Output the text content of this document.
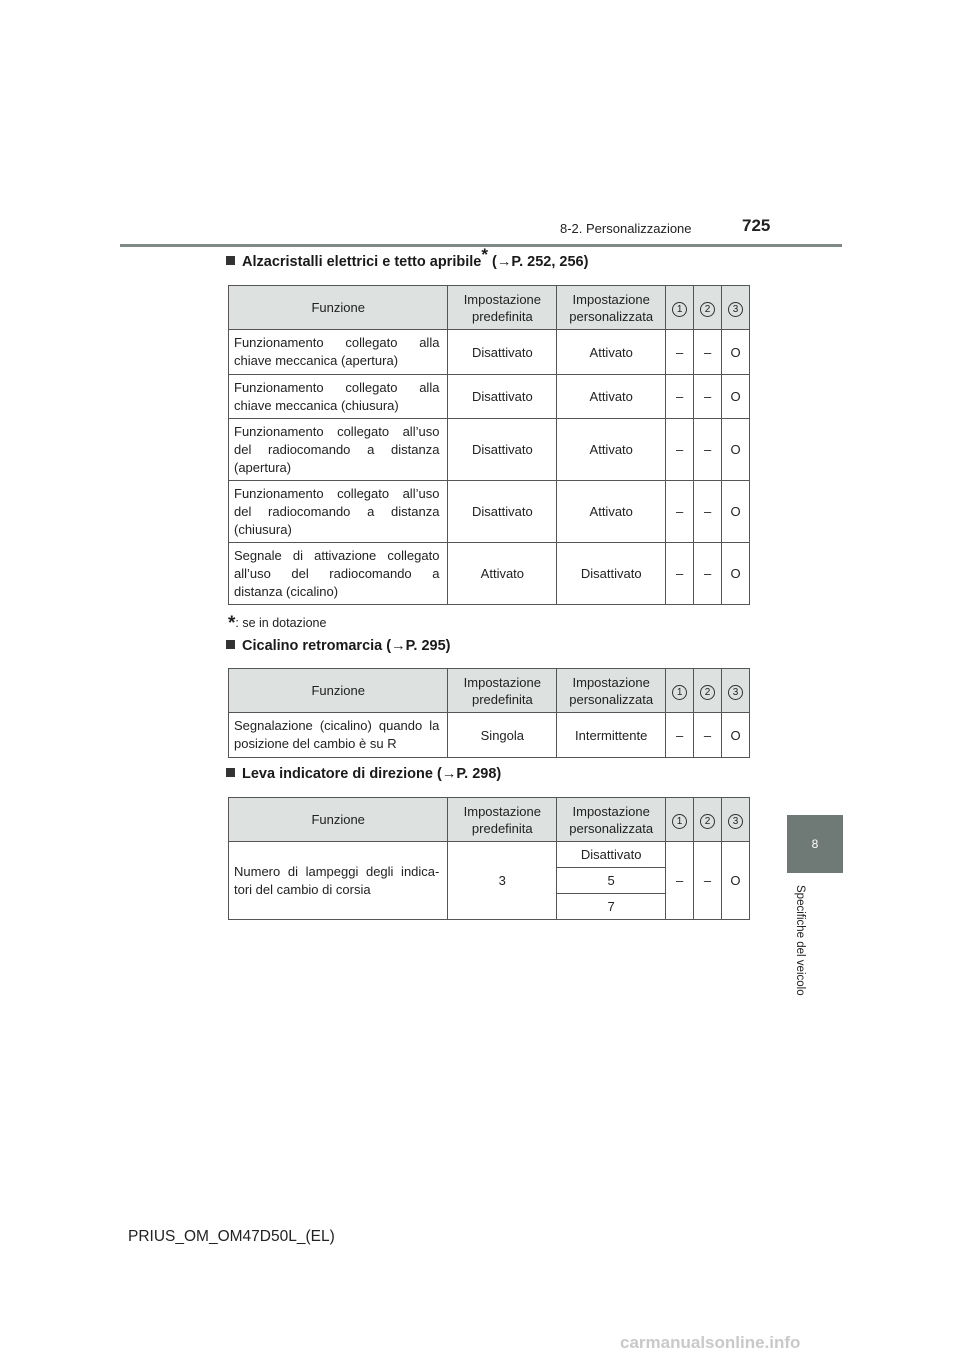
8-2. Personalizzazione	725
8
Specifiche del veicolo
Alzacristalli elettrici e tetto apribile* (→P. 252, 256)
Funzione	Impostazione predefinita	Impostazione personalizzata	1	2	3
Funzionamento collegato alla chiave meccanica (apertura)	Disattivato	Attivato	–	–	O
Funzionamento collegato alla chiave meccanica (chiusura)	Disattivato	Attivato	–	–	O
Funzionamento collegato all’uso del radiocomando a distanza (apertura)	Disattivato	Attivato	–	–	O
Funzionamento collegato all’uso del radiocomando a distanza (chiusura)	Disattivato	Attivato	–	–	O
Segnale di attivazione collegato all’uso del radiocomando a distanza (cicalino)	Attivato	Disattivato	–	–	O
*: se in dotazione
Cicalino retromarcia (→P. 295)
Funzione	Impostazione predefinita	Impostazione personalizzata	1	2	3
Segnalazione (cicalino) quando la posizione del cambio è su R	Singola	Intermittente	–	–	O
Leva indicatore di direzione (→P. 298)
Funzione	Impostazione predefinita	Impostazione personalizzata	1	2	3
Numero di lampeggi degli indica-tori del cambio di corsia	3	Disattivato	–	–	O
		5			
		7			
PRIUS_OM_OM47D50L_(EL)
carmanualsonline.info
